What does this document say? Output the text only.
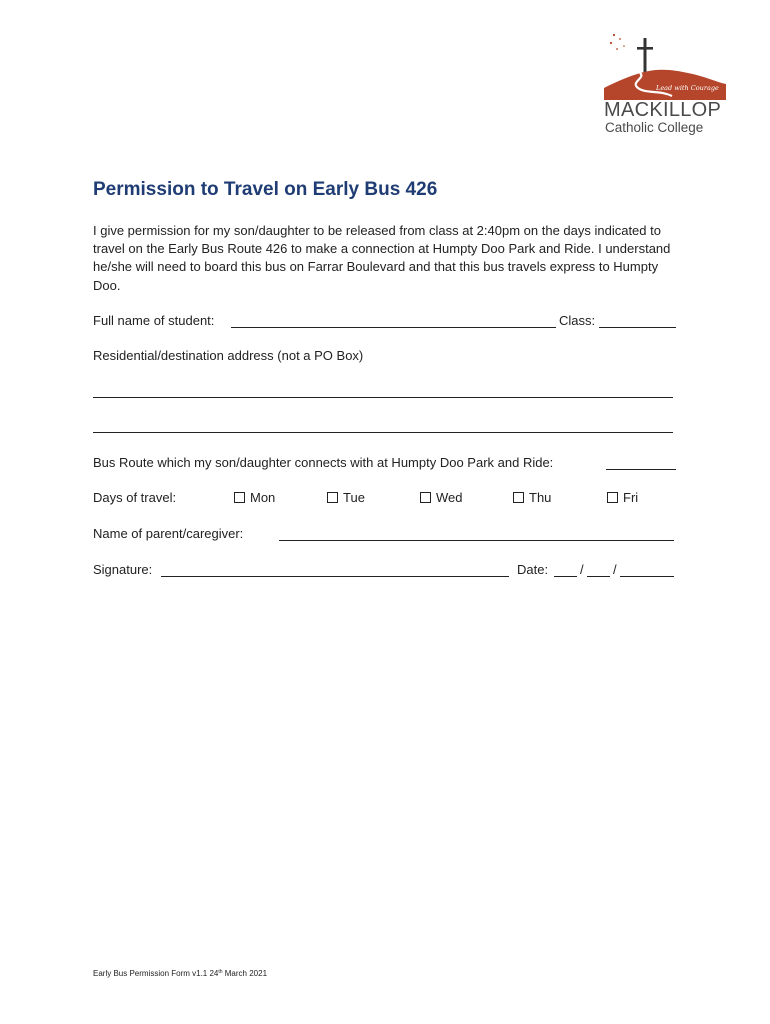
Lead with Courage
MACKILLOP
Catholic College
Permission to Travel on Early Bus 426

I give permission for my son/daughter to be released from class at 2:40pm on the days indicated to travel on the Early Bus Route 426 to make a connection at Humpty Doo Park and Ride. I understand he/she will need to board this bus on Farrar Boulevard and that this bus travels express to Humpty Doo.

Full name of student:	Class:
Residential/destination address (not a PO Box)
Bus Route which my son/daughter connects with at Humpty Doo Park and Ride:
Days of travel:	Mon	Tue	Wed	Thu	Fri
Name of parent/caregiver:
Signature:	Date: / /
Early Bus Permission Form v1.1 24th March 2021
